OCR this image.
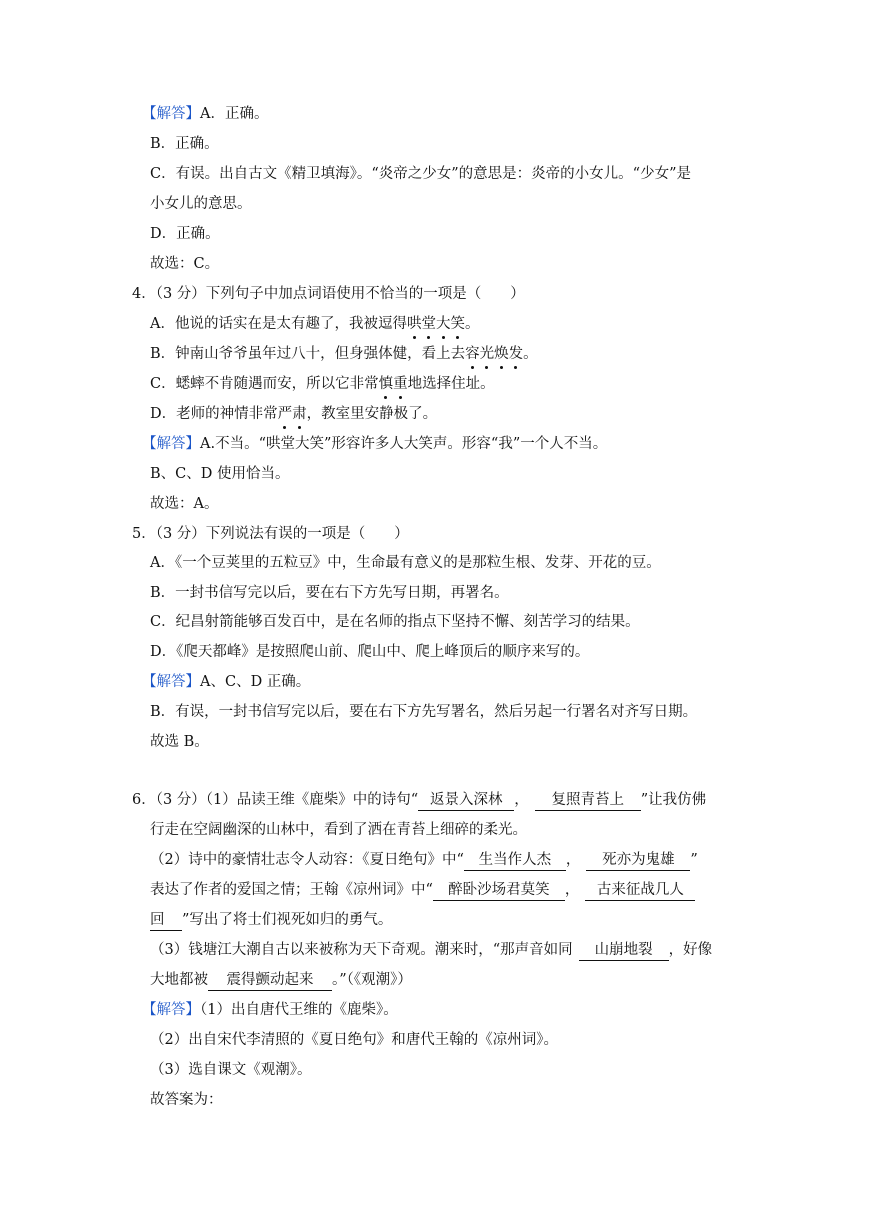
【解答】A．正确。
B．正确。
C．有误。出自古文《精卫填海》。“炎帝之少女”的意思是：炎帝的小女儿。“少女”是
小女儿的意思。
D．正确。
故选：C。
4．（3 分）下列句子中加点词语使用不恰当的一项是（　　）
A．他说的话实在是太有趣了，我被逗得哄堂大笑。
B．钟南山爷爷虽年过八十，但身强体健，看上去容光焕发。
C．蟋蟀不肯随遇而安，所以它非常慎重地选择住址。
D．老师的神情非常严肃，教室里安静极了。
【解答】A.不当。“哄堂大笑”形容许多人大笑声。形容“我”一个人不当。
B、C、D 使用恰当。
故选：A。
5．（3 分）下列说法有误的一项是（　　）
A．《一个豆荚里的五粒豆》中，生命最有意义的是那粒生根、发芽、开花的豆。
B．一封书信写完以后，要在右下方先写日期，再署名。
C．纪昌射箭能够百发百中，是在名师的指点下坚持不懈、刻苦学习的结果。
D．《爬天都峰》是按照爬山前、爬山中、爬上峰顶后的顺序来写的。
【解答】A、C、D 正确。
B．有误，一封书信写完以后，要在右下方先写署名，然后另起一行署名对齐写日期。
故选 B。
6．（3 分）（1）品读王维《鹿柴》中的诗句“ 返景入深林 ， 复照青苔上 ”让我仿佛
行走在空阔幽深的山林中，看到了洒在青苔上细碎的柔光。
（2）诗中的豪情壮志令人动容：《夏日绝句》中“ 生当作人杰 ， 死亦为鬼雄 ”
表达了作者的爱国之情；王翰《凉州词》中“ 醉卧沙场君莫笑 ， 古来征战几人
回 ”写出了将士们视死如归的勇气。
（3）钱塘江大潮自古以来被称为天下奇观。潮来时，“那声音如同 山崩地裂 ，好像
大地都被 震得颤动起来 。”（《观潮》）
【解答】（1）出自唐代王维的《鹿柴》。
（2）出自宋代李清照的《夏日绝句》和唐代王翰的《凉州词》。
（3）选自课文《观潮》。
故答案为：
